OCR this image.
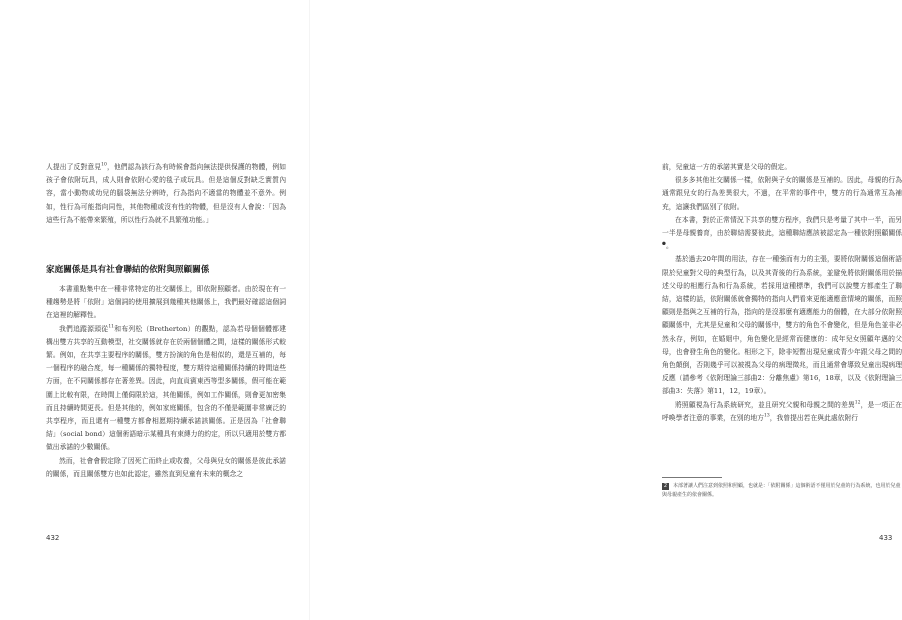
人提出了反對意見$^{10}$，他們認為該行為有時候會指向無法提供保護的物體，例如孩子會依附玩具，成人則會依附心愛的毯子或玩具。但是這個反對缺乏實質內容，當小動物或幼兒的腦袋無法分辨時，行為指向不適當的物體並不意外。例如，性行為可能指向同性，其他物種或沒有性的物體，但是沒有人會說：「因為這些行為不能帶來繁殖，所以性行為就不具繁殖功能。」

家庭關係是具有社會聯結的依附與照顧關係

本書重點集中在一種非常特定的社交關係上，即依附照顧者。由於現在有一種趨勢是將「依附」這個詞的使用擴展到幾種其他關係上，我們最好確認這個詞在這裡的解釋性。

我們追蹤源頭從$^{11}$和布列松（Bretherton）的觀點，認為若母個個體都建構出雙方共享的互動模型，社交關係就存在於兩個個體之間，這樣的關係形式較繁。例如，在共享主要程序的關係，雙方扮演的角色是相似的，還是互補的，每一個程序的融合度，每一種關係的獨特程度，雙方期待這種關係持續的時間這些方面，在不同關係都存在著差異。因此，向直貢賓東西等型多關係，假可能在範圍上比較有限，在時間上僅侷限於這，其他關係，例如工作關係，則會更加密集而且持續時間更長。但是其他的，例如家庭關係，包含的不僅是範圍非常廣泛的共享程序，而且還有一種雙方都會相愿期持續承諾該關係。正是因為「社會聯結」（social bond）這個術語暗示某種具有束縛力的約定，所以只適用於雙方都做出承諾的少數關係。

然而，社會會假定除了因死亡而終止或收養，父母與兒女的關係是彼此承諾的關係，而且關係雙方也如此認定，雖然直到兒童有未來的概念之

432

前，兒童這一方的承諾其實是父母的假定。

很多多其他社交關係一樣，依附與子女的關係是互補的。因此，母親的行為通常跟兒女的行為差異很大，不過，在平常的事件中，雙方的行為通常互為補充，這讓我們區別了依附。

在本書，對於正常情況下共享的雙方程序，我們只是考量了其中一半，而另一半是母親養育，由於聯結需要彼此，這種聯結應該被認定為一種依附照顧關係●。

基於過去20年間的用法，存在一種強而有力的主張，要將依附關係這個術語限於兒童對父母的典型行為，以及其背後的行為系統，並避免將依附關係用於描述父母的相應行為和行為系統，若採用這種標準，我們可以說雙方都產生了聯結，這樣的話，依附關係就會獨特的指向人們看來更能適應意情境的關係，而照顧則是指與之互補的行為，指向的是沒那麼有適應能力的個體，在大部分依附照顧關係中，尤其是兒童和父母的關係中，雙方的角色不會變化，但是角色並非必然永存，例如，在婚姻中，角色變化是經常而健康的：成年兒女照顧年邁的父母，也會發生角色的變化。相形之下，除非短暫出現兒童成青少年跟父母之間的角色顛倒，否則幾乎可以被視為父母的病理徵兆，而且通常會導致兒童出現病理反應（請參考《依附理論三部曲2：分離焦慮》第16，18章，以及《依附理論三部曲3：失落》第11，12，19章）。

將照顧視為行為系統研究，並且研究父親和母親之間的差異$^{12}$，是一項正在呼喚學者注意的事業，在別的地方$^{13}$，我曾提出若在與此處依附行

2 本部著讓人們注意到依照和照顧，也就是：「依附關係」這個術語不僅用於兒童的行為系統，也用於兒童與母親產生的依會關係。
433
